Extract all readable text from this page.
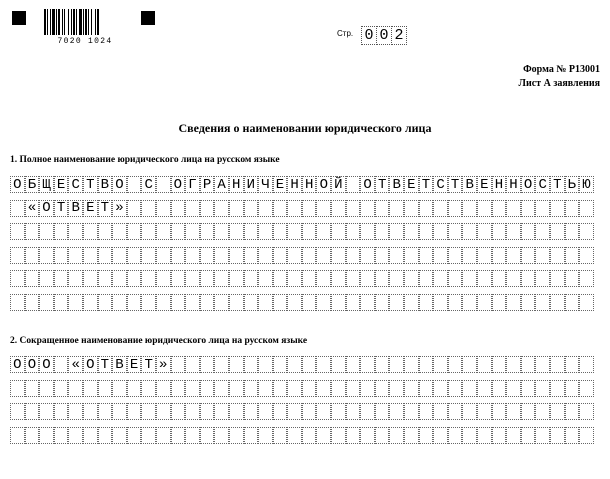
7020 1024
Стр. 0 0 2
Форма № Р13001
Лист А заявления
Сведения о наименовании юридического лица
1. Полное наименование юридического лица на русском языке
О Б Щ Е С Т В О С О Г Р А Н И Ч Е Н Н О Й О Т В Е Т С Т В Е Н Н О С Т Ь Ю
« О Т В Е Т »
2. Сокращенное наименование юридического лица на русском языке
О О О « О Т В Е Т »
